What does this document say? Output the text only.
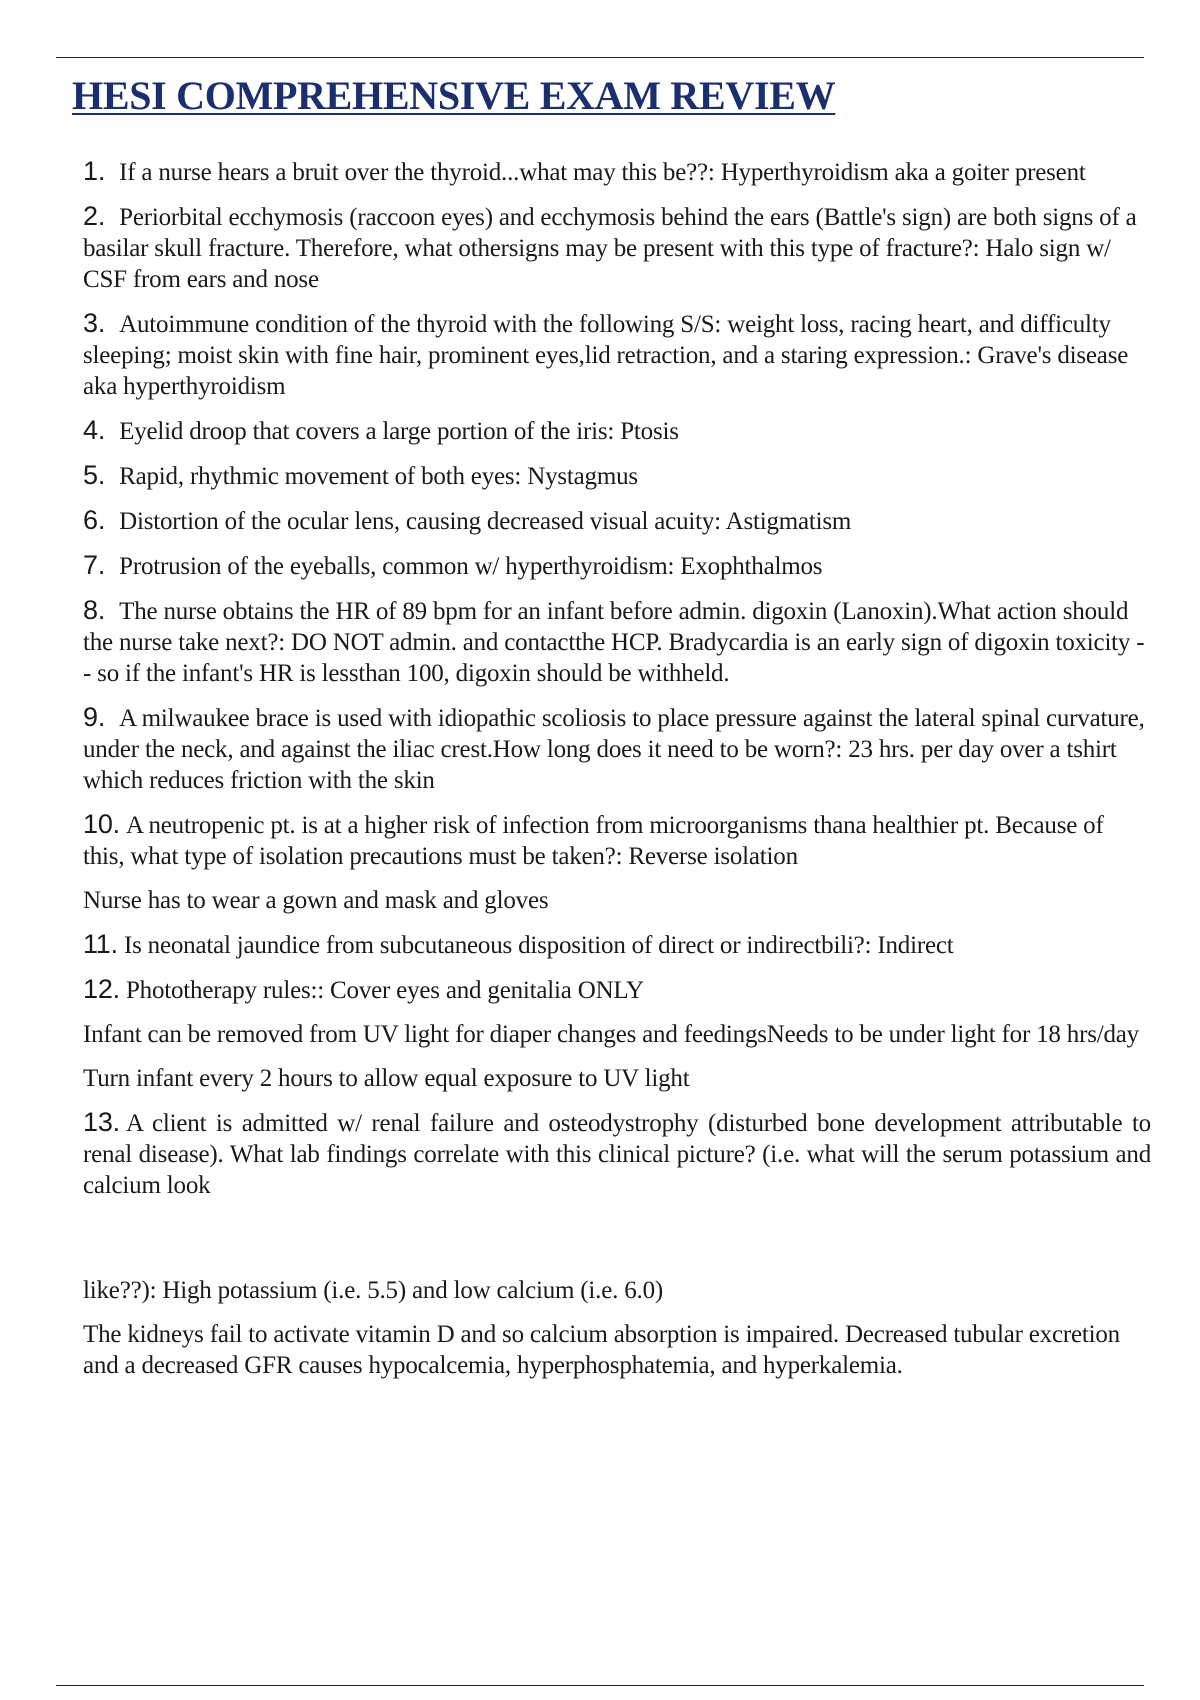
HESI COMPREHENSIVE EXAM REVIEW
1. If a nurse hears a bruit over the thyroid...what may this be??: Hyperthyroidism aka a goiter present
2. Periorbital ecchymosis (raccoon eyes) and ecchymosis behind the ears (Battle's sign) are both signs of a basilar skull fracture. Therefore, what othersigns may be present with this type of fracture?: Halo sign w/ CSF from ears and nose
3. Autoimmune condition of the thyroid with the following S/S: weight loss, racing heart, and difficulty sleeping; moist skin with fine hair, prominent eyes,lid retraction, and a staring expression.: Grave's disease aka hyperthyroidism
4. Eyelid droop that covers a large portion of the iris: Ptosis
5. Rapid, rhythmic movement of both eyes: Nystagmus
6. Distortion of the ocular lens, causing decreased visual acuity: Astigmatism
7. Protrusion of the eyeballs, common w/ hyperthyroidism: Exophthalmos
8. The nurse obtains the HR of 89 bpm for an infant before admin. digoxin (Lanoxin).What action should the nurse take next?: DO NOT admin. and contactthe HCP. Bradycardia is an early sign of digoxin toxicity -- so if the infant's HR is lessthan 100, digoxin should be withheld.
9. A milwaukee brace is used with idiopathic scoliosis to place pressure against the lateral spinal curvature, under the neck, and against the iliac crest.How long does it need to be worn?: 23 hrs. per day over a tshirt which reduces friction with the skin
10. A neutropenic pt. is at a higher risk of infection from microorganisms thana healthier pt. Because of this, what type of isolation precautions must be taken?: Reverse isolation
Nurse has to wear a gown and mask and gloves
11. Is neonatal jaundice from subcutaneous disposition of direct or indirectbili?: Indirect
12. Phototherapy rules:: Cover eyes and genitalia ONLY
Infant can be removed from UV light for diaper changes and feedingsNeeds to be under light for 18 hrs/day
Turn infant every 2 hours to allow equal exposure to UV light
13. A client is admitted w/ renal failure and osteodystrophy (disturbed bone development attributable to renal disease). What lab findings correlate with this clinical picture? (i.e. what will the serum potassium and calcium look
like??): High potassium (i.e. 5.5) and low calcium (i.e. 6.0)
The kidneys fail to activate vitamin D and so calcium absorption is impaired. Decreased tubular excretion and a decreased GFR causes hypocalcemia, hyperphosphatemia, and hyperkalemia.
